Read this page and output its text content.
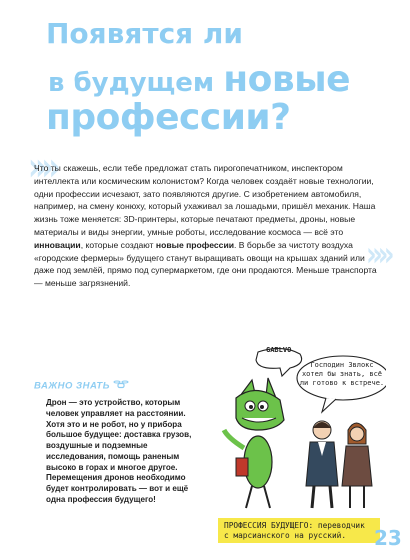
Появятся ли
в будущем новые
профессии?
»»
»»
Что ты скажешь, если тебе предложат стать пирогопечатником, инспектором интеллекта или космическим колонистом? Когда человек создаёт новые технологии, одни профессии исчезают, зато появляются другие. С изобретением автомобиля, например, на смену конюху, который ухаживал за лошадьми, пришёл механик. Наша жизнь тоже меняется: 3D-принтеры, которые печатают предметы, дроны, новые материалы и виды энергии, умные роботы, исследование космоса — всё это инновации, которые создают новые профессии. В борьбе за чистоту воздуха «городские фермеры» будущего станут выращивать овощи на крышах зданий или даже под землёй, прямо под супермаркетом, где они продаются. Меньше транспорта — меньше загрязнений.
ВАЖНО ЗНАТЬ
Дрон — это устройство, которым человек управляет на расстоянии. Хотя это и не робот, но у прибора большое будущее: доставка грузов, воздушные и подземные исследования, помощь раненым высоко в горах и многое другое. Перемещения дронов необходимо будет контролировать — вот и ещё одна профессия будущего!
GABLVO
Господин Звлокс хотел бы знать, всё ли готово к встрече.
ПРОФЕССИЯ БУДУЩЕГО: переводчик с марсианского на русский.	23
